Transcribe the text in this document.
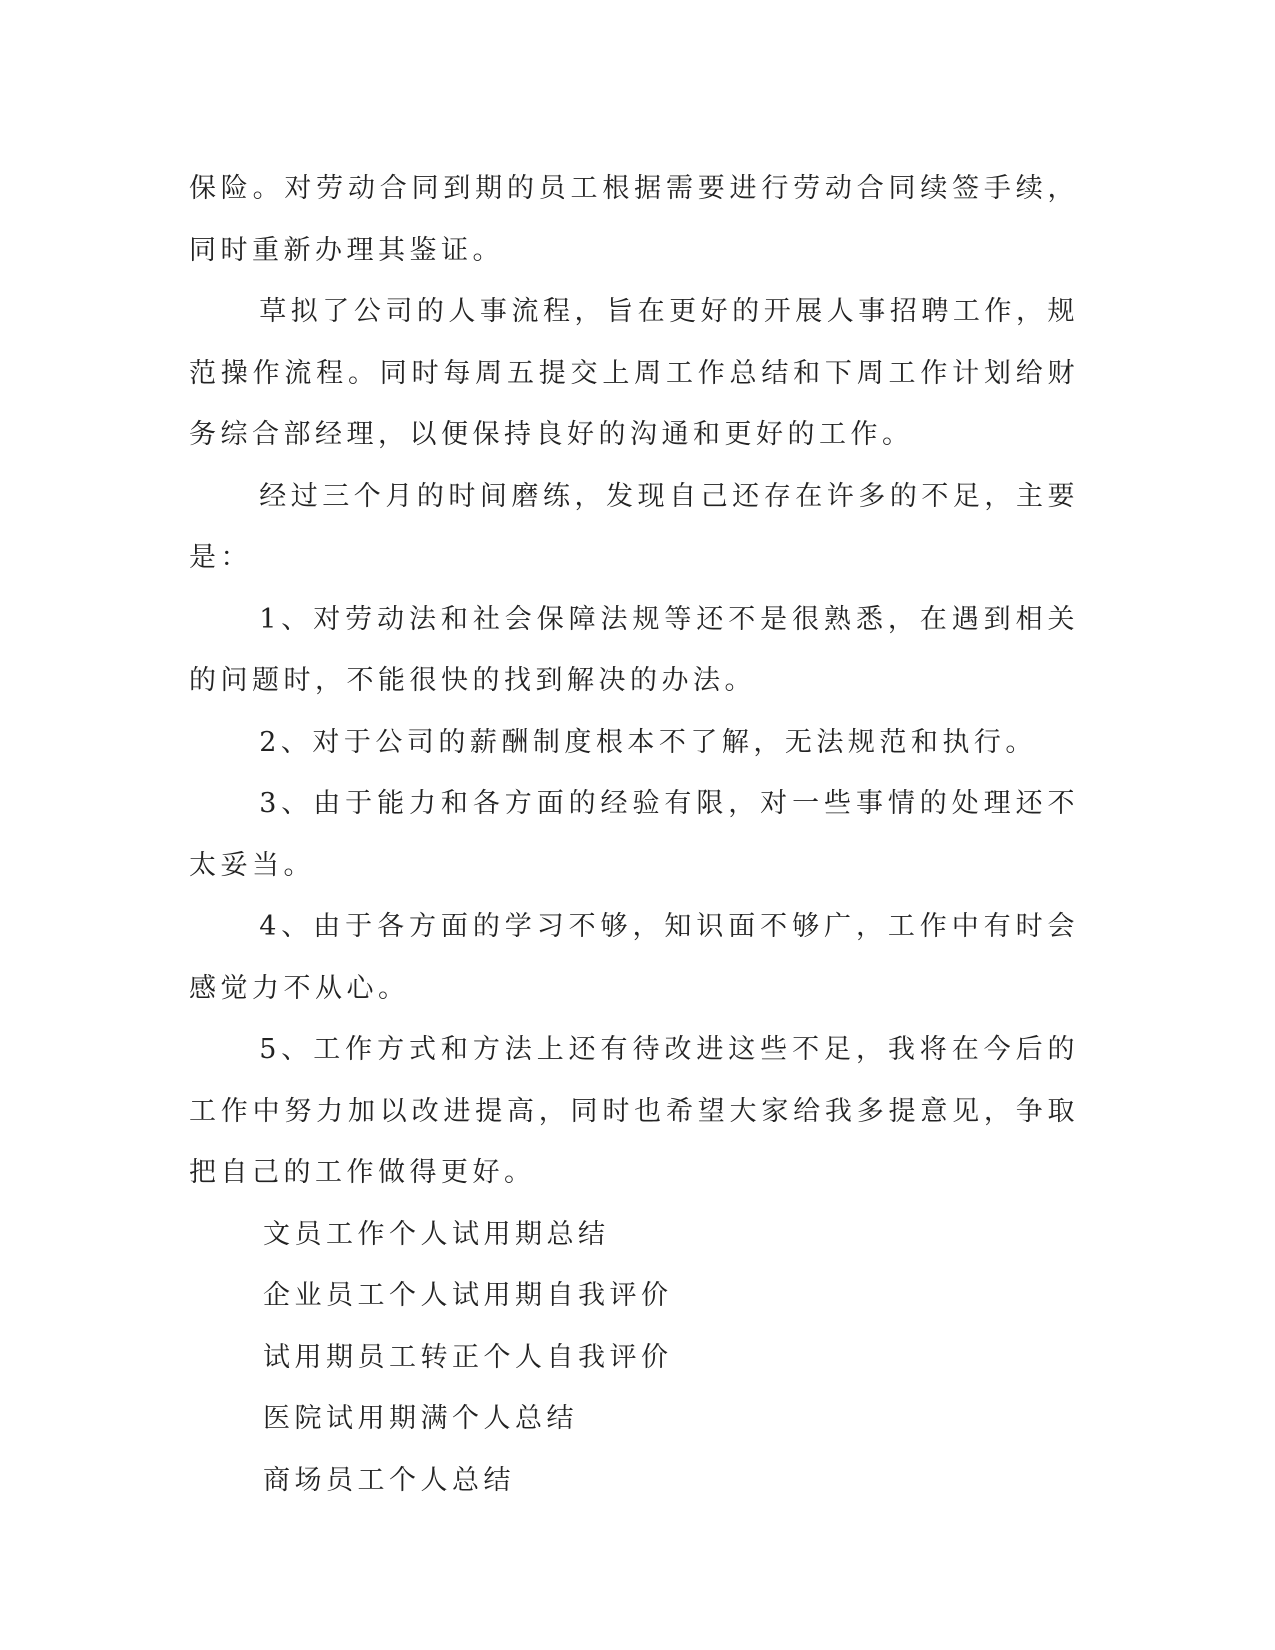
保险。对劳动合同到期的员工根据需要进行劳动合同续签手续，同时重新办理其鉴证。

草拟了公司的人事流程，旨在更好的开展人事招聘工作，规范操作流程。同时每周五提交上周工作总结和下周工作计划给财务综合部经理，以便保持良好的沟通和更好的工作。

经过三个月的时间磨练，发现自己还存在许多的不足，主要是：

1、对劳动法和社会保障法规等还不是很熟悉，在遇到相关的问题时，不能很快的找到解决的办法。

2、对于公司的薪酬制度根本不了解，无法规范和执行。

3、由于能力和各方面的经验有限，对一些事情的处理还不太妥当。

4、由于各方面的学习不够，知识面不够广，工作中有时会感觉力不从心。

5、工作方式和方法上还有待改进这些不足，我将在今后的工作中努力加以改进提高，同时也希望大家给我多提意见，争取把自己的工作做得更好。

文员工作个人试用期总结

企业员工个人试用期自我评价

试用期员工转正个人自我评价

医院试用期满个人总结

商场员工个人总结
